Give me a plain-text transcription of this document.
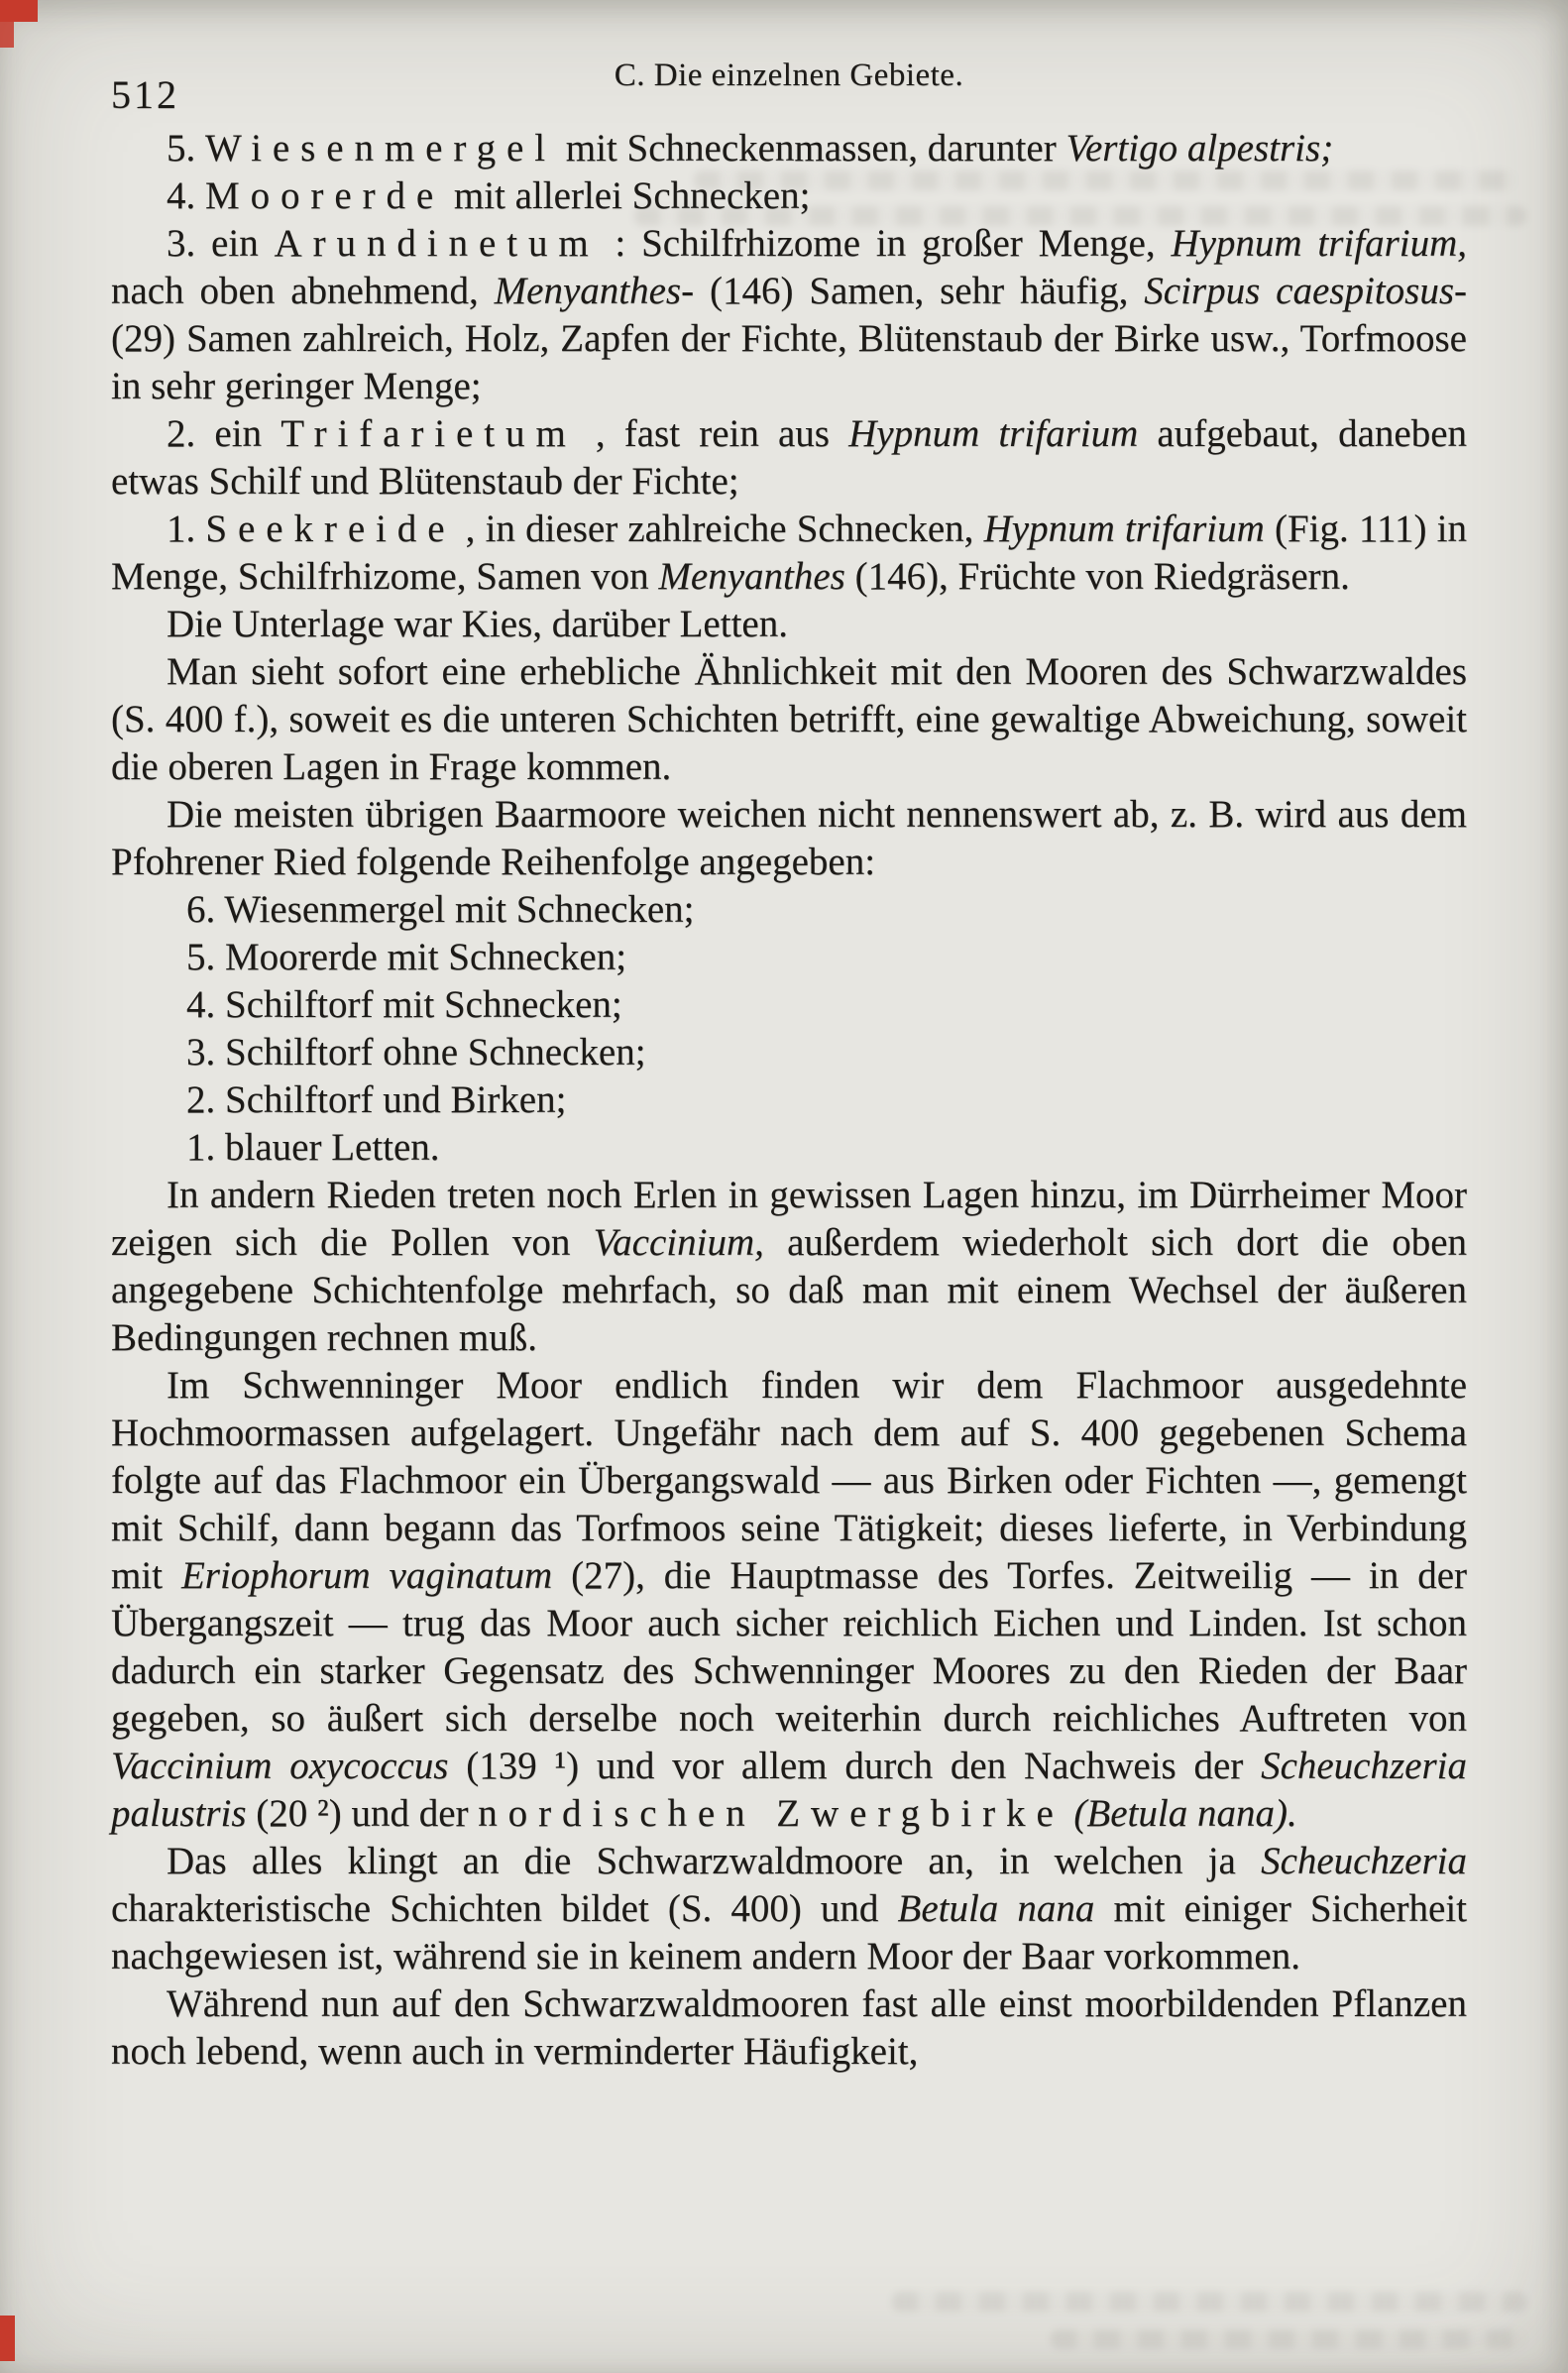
512	C. Die einzelnen Gebiete.

5. Wiesenmergel mit Schneckenmassen, darunter Vertigo alpestris;

4. Moorerde mit allerlei Schnecken;

3. ein Arundinetum : Schilfrhizome in großer Menge, Hypnum trifarium, nach oben abnehmend, Menyanthes- (146) Samen, sehr häufig, Scirpus caespitosus- (29) Samen zahlreich, Holz, Zapfen der Fichte, Blütenstaub der Birke usw., Torfmoose in sehr geringer Menge;

2. ein Trifarietum , fast rein aus Hypnum trifarium aufgebaut, daneben etwas Schilf und Blütenstaub der Fichte;

1. Seekreide , in dieser zahlreiche Schnecken, Hypnum trifarium (Fig. 111) in Menge, Schilfrhizome, Samen von Menyanthes (146), Früchte von Riedgräsern.

Die Unterlage war Kies, darüber Letten.

Man sieht sofort eine erhebliche Ähnlichkeit mit den Mooren des Schwarzwaldes (S. 400 f.), soweit es die unteren Schichten betrifft, eine gewaltige Abweichung, soweit die oberen Lagen in Frage kommen.

Die meisten übrigen Baarmoore weichen nicht nennenswert ab, z. B. wird aus dem Pfohrener Ried folgende Reihenfolge angegeben:

6. Wiesenmergel mit Schnecken;

5. Moorerde mit Schnecken;

4. Schilftorf mit Schnecken;

3. Schilftorf ohne Schnecken;

2. Schilftorf und Birken;

1. blauer Letten.

In andern Rieden treten noch Erlen in gewissen Lagen hinzu, im Dürrheimer Moor zeigen sich die Pollen von Vaccinium, außerdem wiederholt sich dort die oben angegebene Schichtenfolge mehrfach, so daß man mit einem Wechsel der äußeren Bedingungen rechnen muß.

Im Schwenninger Moor endlich finden wir dem Flachmoor ausgedehnte Hochmoormassen aufgelagert. Ungefähr nach dem auf S. 400 gegebenen Schema folgte auf das Flachmoor ein Übergangswald — aus Birken oder Fichten —, gemengt mit Schilf, dann begann das Torfmoos seine Tätigkeit; dieses lieferte, in Verbindung mit Eriophorum vaginatum (27), die Hauptmasse des Torfes. Zeitweilig — in der Übergangszeit — trug das Moor auch sicher reichlich Eichen und Linden. Ist schon dadurch ein starker Gegensatz des Schwenninger Moores zu den Rieden der Baar gegeben, so äußert sich derselbe noch weiterhin durch reichliches Auftreten von Vaccinium oxycoccus (139 ¹) und vor allem durch den Nachweis der Scheuchzeria palustris (20 ²) und der nordischen Zwergbirke (Betula nana).

Das alles klingt an die Schwarzwaldmoore an, in welchen ja Scheuchzeria charakteristische Schichten bildet (S. 400) und Betula nana mit einiger Sicherheit nachgewiesen ist, während sie in keinem andern Moor der Baar vorkommen.

Während nun auf den Schwarzwaldmooren fast alle einst moorbildenden Pflanzen noch lebend, wenn auch in verminderter Häufigkeit,
